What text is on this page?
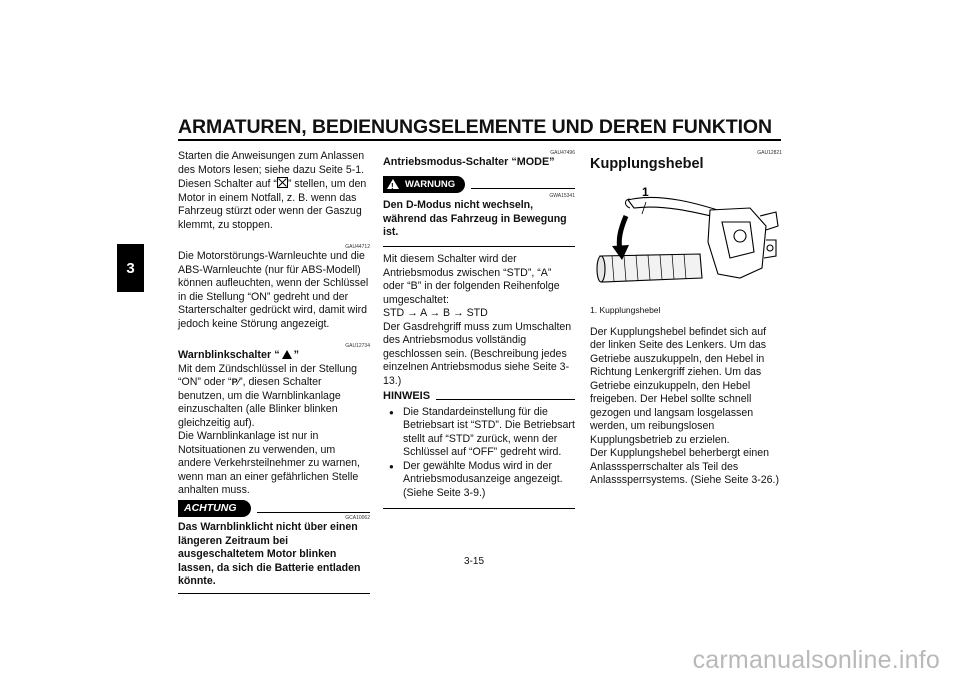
ARMATUREN, BEDIENUNGSELEMENTE UND DEREN FUNKTION
3

Starten die Anweisungen zum Anlassen des Motors lesen; siehe dazu Seite 5-1. Diesen Schalter auf “ ” stellen, um den Motor in einem Notfall, z. B. wenn das Fahrzeug stürzt oder wenn der Gaszug klemmt, zu stoppen.

GAU44712

Die Motorstörungs-Warnleuchte und die ABS-Warnleuchte (nur für ABS-Modell) können aufleuchten, wenn der Schlüssel in die Stellung “ON” gedreht und der Starterschalter gedrückt wird, damit wird jedoch keine Störung angezeigt.

GAU12734

Warnblinkschalter “ ”

Mit dem Zündschlüssel in der Stellung “ON” oder “P⁄”, diesen Schalter benutzen, um die Warnblinkanlage einzuschalten (alle Blinker blinken gleichzeitig auf).

Die Warnblinkanlage ist nur in Notsituationen zu verwenden, um andere Verkehrsteilnehmer zu warnen, wenn man an einer gefährlichen Stelle anhalten muss.

ACHTUNG
GCA10062

Das Warnblinklicht nicht über einen längeren Zeitraum bei ausgeschaltetem Motor blinken lassen, da sich die Batterie entladen könnte.

GAU47496

Antriebsmodus-Schalter “MODE”

! WARNUNG
GWA15341

Den D-Modus nicht wechseln, während das Fahrzeug in Bewegung ist.

Mit diesem Schalter wird der Antriebsmodus zwischen “STD”, “A” oder “B” in der folgenden Reihenfolge umgeschaltet:

STD → A → B → STD

Der Gasdrehgriff muss zum Umschalten des Antriebsmodus vollständig geschlossen sein. (Beschreibung jedes einzelnen Antriebsmodus siehe Seite 3-13.)

HINWEIS
● Die Standardeinstellung für die Betriebsart ist “STD”. Die Betriebsart stellt auf “STD” zurück, wenn der Schlüssel auf “OFF” gedreht wird.
● Der gewählte Modus wird in der Antriebsmodusanzeige angezeigt. (Siehe Seite 3-9.)
GAU12821

Kupplungshebel

1

1. Kupplungshebel

Der Kupplungshebel befindet sich auf der linken Seite des Lenkers. Um das Getriebe auszukuppeln, den Hebel in Richtung Lenkergriff ziehen. Um das Getriebe einzukuppeln, den Hebel freigeben. Der Hebel sollte schnell gezogen und langsam losgelassen werden, um reibungslosen Kupplungsbetrieb zu erzielen.

Der Kupplungshebel beherbergt einen Anlasssperrschalter als Teil des Anlasssperrsystems. (Siehe Seite 3-26.)

3-15
carmanualsonline.info
